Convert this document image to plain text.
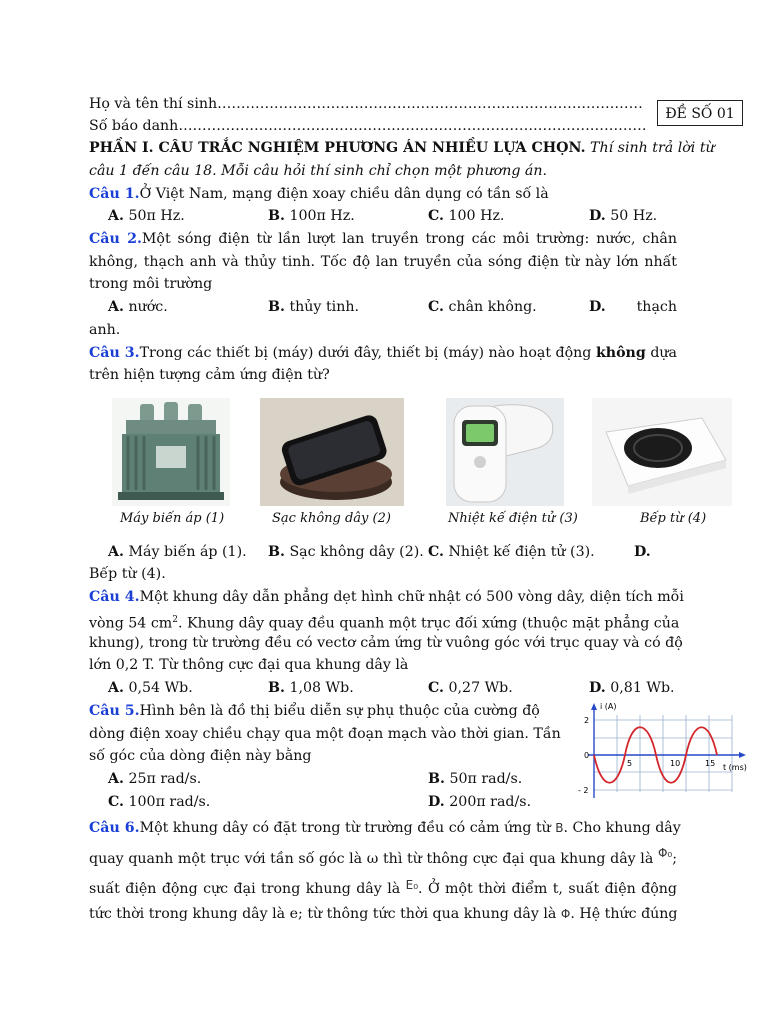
Họ và tên thí sinh………………………………………………………………………………
Số báo danh………………………………………………………………………………………
ĐỀ SỐ 01
PHẦN I. CÂU TRẮC NGHIỆM PHƯƠNG ÁN NHIỀU LỰA CHỌN. Thí sinh trả lời từ
câu 1 đến câu 18. Mỗi câu hỏi thí sinh chỉ chọn một phương án.
Câu 1.Ở Việt Nam, mạng điện xoay chiều dân dụng có tần số là
A. 50π Hz.	B. 100π Hz.	C. 100 Hz.	D. 50 Hz.
Câu 2.Một sóng điện từ lần lượt lan truyền trong các môi trường: nước, chân
không, thạch anh và thủy tinh. Tốc độ lan truyền của sóng điện từ này lớn nhất
trong môi trường
A. nước.	B. thủy tinh.	C. chân không.	D. thạch
anh.
Câu 3.Trong các thiết bị (máy) dưới đây, thiết bị (máy) nào hoạt động không dựa
trên hiện tượng cảm ứng điện từ?
Máy biến áp (1)	Sạc không dây (2)	Nhiệt kế điện tử (3)	Bếp từ (4)
A. Máy biến áp (1). B. Sạc không dây (2). C. Nhiệt kế điện tử (3).	D.
Bếp từ (4).
Câu 4.Một khung dây dẫn phẳng dẹt hình chữ nhật có 500 vòng dây, diện tích mỗi
vòng 54 $cm^2$. Khung dây quay đều quanh một trục đối xứng (thuộc mặt phẳng của
khung), trong từ trường đều có vectơ cảm ứng từ vuông góc với trục quay và có độ
lớn 0,2 T. Từ thông cực đại qua khung dây là
A. 0,54 Wb.	B. 1,08 Wb.	C. 0,27 Wb.	D. 0,81 Wb.
Câu 5.Hình bên là đồ thị biểu diễn sự phụ thuộc của cường độ
dòng điện xoay chiều chạy qua một đoạn mạch vào thời gian. Tần
số góc của dòng điện này bằng
A. 25π rad/s.	B. 50π rad/s.
C. 100π rad/s.	D. 200π rad/s.
i (A)
t (ms)
2
0
- 2
5	10	15
Câu 6.Một khung dây có đặt trong từ trường đều có cảm ứng từ B. Cho khung dây
quay quanh một trục với tần số góc là ω thì từ thông cực đại qua khung dây là $^{\Phi_0}$;
suất điện động cực đại trong khung dây là $^{E_0}$. Ở một thời điểm t, suất điện động
tức thời trong khung dây là e; từ thông tức thời qua khung dây là Φ. Hệ thức đúng
